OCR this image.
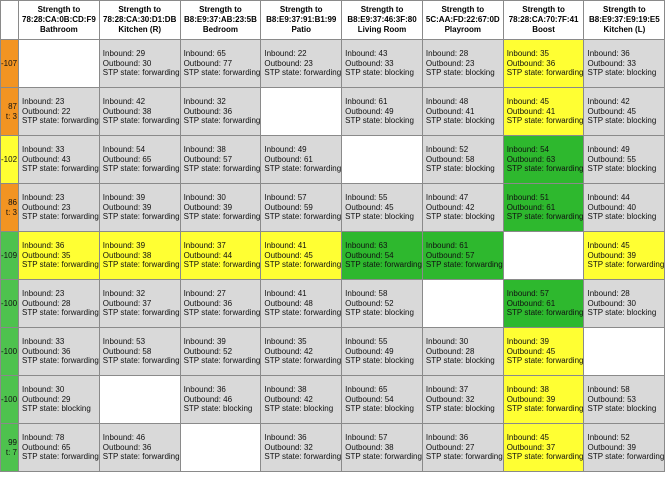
	Strength to
78:28:CA:0B:CD:F9
Bathroom	Strength to
78:28:CA:30:D1:DB
Kitchen (R)	Strength to
B8:E9:37:AB:23:5B
Bedroom	Strength to
B8:E9:37:91:B1:99
Patio	Strength to
B8:E9:37:46:3F:80
Living Room	Strength to
5C:AA:FD:22:67:0D
Playroom	Strength to
78:28:CA:70:7F:41
Boost	Strength to
B8:E9:37:E9:19:E5
Kitchen (L)

-107		Inbound: 29
Outbound: 30
STP state: forwarding	Inbound: 65
Outbound: 77
STP state: forwarding	Inbound: 22
Outbound: 23
STP state: forwarding	Inbound: 43
Outbound: 33
STP state: blocking	Inbound: 28
Outbound: 23
STP state: blocking	Inbound: 35
Outbound: 36
STP state: forwarding	Inbound: 36
Outbound: 33
STP state: blocking

87
t: 3	Inbound: 23
Outbound: 22
STP state: forwarding	Inbound: 42
Outbound: 38
STP state: forwarding	Inbound: 32
Outbound: 36
STP state: forwarding		Inbound: 61
Outbound: 49
STP state: blocking	Inbound: 48
Outbound: 41
STP state: blocking	Inbound: 45
Outbound: 41
STP state: forwarding	Inbound: 42
Outbound: 45
STP state: blocking

-102	Inbound: 33
Outbound: 43
STP state: forwarding	Inbound: 54
Outbound: 65
STP state: forwarding	Inbound: 38
Outbound: 57
STP state: forwarding	Inbound: 49
Outbound: 61
STP state: forwarding		Inbound: 52
Outbound: 58
STP state: blocking	Inbound: 54
Outbound: 63
STP state: forwarding	Inbound: 49
Outbound: 55
STP state: blocking

86
t: 3	Inbound: 23
Outbound: 23
STP state: forwarding	Inbound: 39
Outbound: 39
STP state: forwarding	Inbound: 30
Outbound: 39
STP state: forwarding	Inbound: 57
Outbound: 59
STP state: forwarding	Inbound: 55
Outbound: 45
STP state: blocking	Inbound: 47
Outbound: 42
STP state: blocking	Inbound: 51
Outbound: 61
STP state: forwarding	Inbound: 44
Outbound: 40
STP state: blocking

-109	Inbound: 36
Outbound: 35
STP state: forwarding	Inbound: 39
Outbound: 38
STP state: forwarding	Inbound: 37
Outbound: 44
STP state: forwarding	Inbound: 41
Outbound: 45
STP state: forwarding	Inbound: 63
Outbound: 54
STP state: forwarding	Inbound: 61
Outbound: 57
STP state: forwarding		Inbound: 45
Outbound: 39
STP state: forwarding

-100	Inbound: 23
Outbound: 28
STP state: forwarding	Inbound: 32
Outbound: 37
STP state: forwarding	Inbound: 27
Outbound: 36
STP state: forwarding	Inbound: 41
Outbound: 48
STP state: forwarding	Inbound: 58
Outbound: 52
STP state: blocking		Inbound: 57
Outbound: 61
STP state: forwarding	Inbound: 28
Outbound: 30
STP state: blocking

-100	Inbound: 33
Outbound: 36
STP state: forwarding	Inbound: 53
Outbound: 58
STP state: forwarding	Inbound: 39
Outbound: 52
STP state: forwarding	Inbound: 35
Outbound: 42
STP state: forwarding	Inbound: 55
Outbound: 49
STP state: blocking	Inbound: 30
Outbound: 28
STP state: blocking	Inbound: 39
Outbound: 45
STP state: forwarding	

-100	Inbound: 30
Outbound: 29
STP state: blocking		Inbound: 36
Outbound: 46
STP state: blocking	Inbound: 38
Outbound: 42
STP state: blocking	Inbound: 65
Outbound: 54
STP state: blocking	Inbound: 37
Outbound: 32
STP state: blocking	Inbound: 38
Outbound: 39
STP state: forwarding	Inbound: 58
Outbound: 53
STP state: blocking

99
t: 7	Inbound: 78
Outbound: 65
STP state: forwarding	Inbound: 46
Outbound: 36
STP state: forwarding		Inbound: 36
Outbound: 32
STP state: forwarding	Inbound: 57
Outbound: 38
STP state: forwarding	Inbound: 36
Outbound: 27
STP state: forwarding	Inbound: 45
Outbound: 37
STP state: forwarding	Inbound: 52
Outbound: 39
STP state: forwarding
